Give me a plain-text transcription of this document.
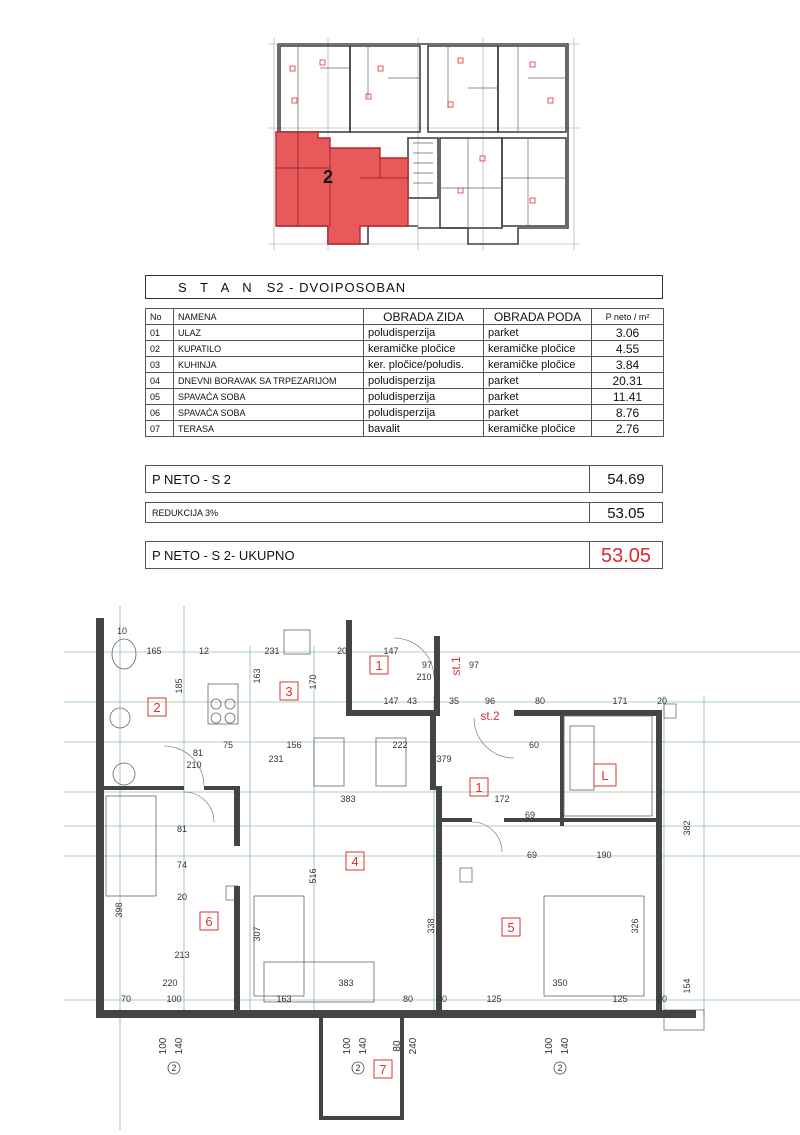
2
S T A N S2 - DVOIPOSOBAN
No	NAMENA	OBRADA ZIDA	OBRADA PODA	P neto / m²
01	ULAZ	poludisperzija	parket	3.06
02	KUPATILO	keramičke pločice	keramičke pločice	4.55
03	KUHINJA	ker. pločice/poludis.	keramičke pločice	3.84
04	DNEVNI BORAVAK SA TRPEZARIJOM	poludisperzija	parket	20.31
05	SPAVAĆA SOBA	poludisperzija	parket	11.41
06	SPAVAĆA SOBA	poludisperzija	parket	8.76
07	TERASA	bavalit	keramičke pločice	2.76
P NETO - S 2	54.69
REDUKCIJA 3%	53.05
P NETO - S 2- UKUPNO	53.05
1
2
3
4
5
6
7
1
L
st.1
st.2
165	12	231	20	147
97
210
147 43	35	96	80	171	20
156	222
231
383
379
172
60
69
190
69
81
210
10
75
81
74
20
213
97
70	100
220
163
383
80	40	125	125
350
20
185
163	170
398
307
516
338	326
382
154
100 140	100 140 80 240	100 140
2	2	2
